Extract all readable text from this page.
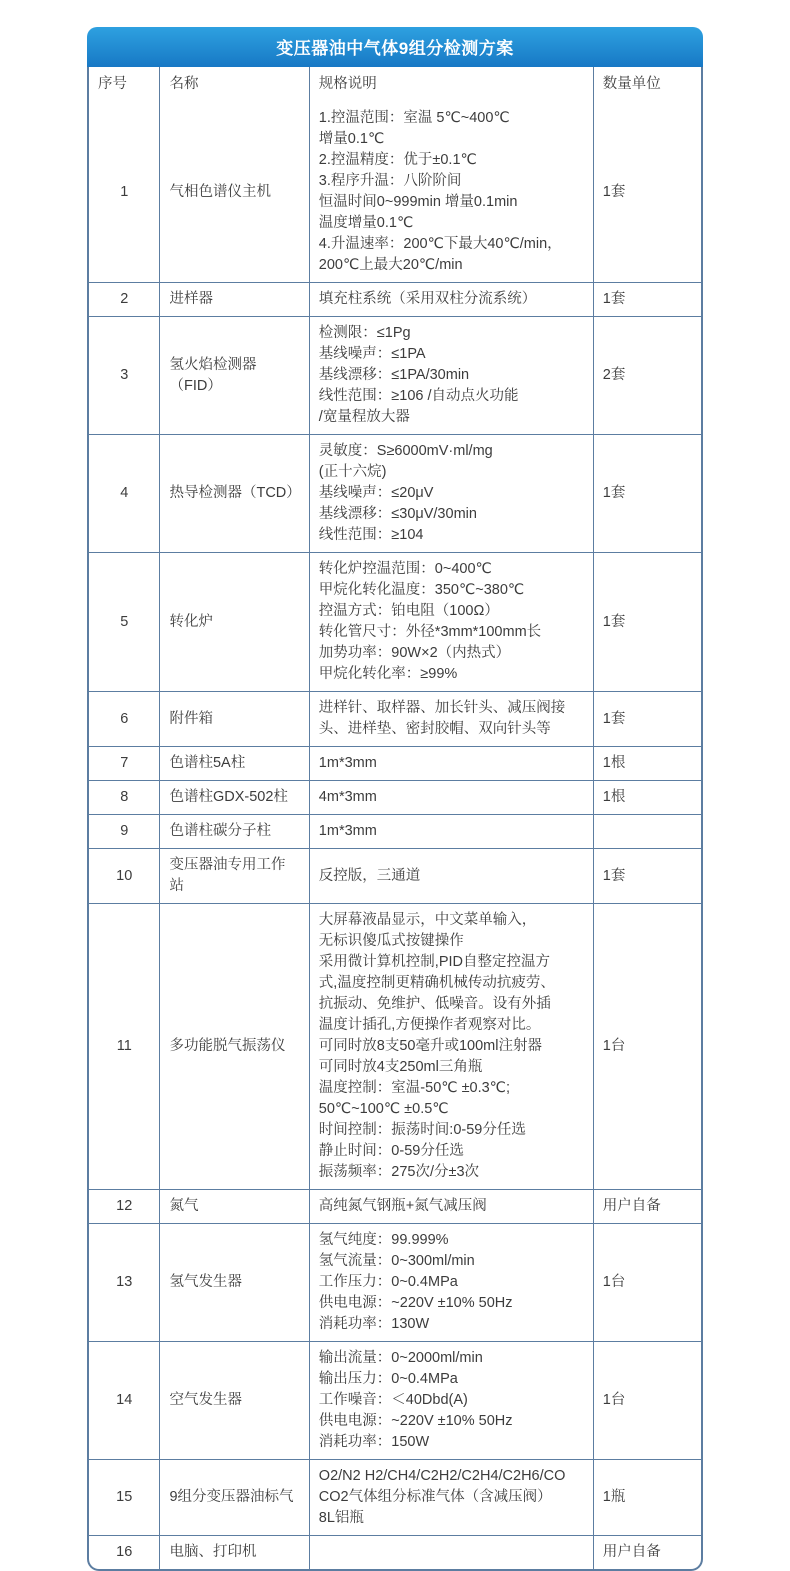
变压器油中气体9组分检测方案
序号	名称	规格说明	数量单位
1	气相色谱仪主机	
1.控温范围：室温 5℃~400℃
增量0.1℃
2.控温精度：优于±0.1℃
3.程序升温：八阶阶间
恒温时间0~999min 增量0.1min
温度增量0.1℃
4.升温速率：200℃下最大40℃/min，
200℃上最大20℃/min
	1套
2	进样器	填充柱系统（采用双柱分流系统）	1套
3	氢火焰检测器（FID）	检测限：≤1Pg
基线噪声：≤1PA
基线漂移：≤1PA/30min
线性范围：≥106 /自动点火功能
/宽量程放大器	2套
4	热导检测器（TCD）	灵敏度：S≥6000mV·ml/mg
(正十六烷)
基线噪声：≤20μV
基线漂移：≤30μV/30min
线性范围：≥104	1套
5	转化炉	
转化炉控温范围：0~400℃
甲烷化转化温度：350℃~380℃
控温方式：铂电阻（100Ω）
转化管尺寸：外径*3mm*100mm长
加势功率：90W×2（内热式）
甲烷化转化率：≥99%
	1套
6	附件箱	进样针、取样器、加长针头、减压阀接头、进样垫、密封胶帽、双向针头等	1套
7	色谱柱5A柱	1m*3mm	1根
8	色谱柱GDX-502柱	4m*3mm	1根
9	色谱柱碳分子柱	1m*3mm	

10	变压器油专用工作站	反控版，三通道	1套
11	多功能脱气振荡仪	
大屏幕液晶显示，中文菜单输入，
无标识傻瓜式按键操作
采用微计算机控制,PID自整定控温方
式,温度控制更精确机械传动抗疲劳、
抗振动、免维护、低噪音。设有外插
温度计插孔,方便操作者观察对比。
可同时放8支50毫升或100ml注射器
可同时放4支250ml三角瓶
温度控制：室温-50℃ ±0.3℃;
50℃~100℃ ±0.5℃
时间控制：振荡时间:0-59分任选
静止时间：0-59分任选
振荡频率：275次/分±3次
	1台
12	氮气	高纯氮气钢瓶+氮气减压阀	用户自备
13	氢气发生器	氢气纯度：99.999%
氢气流量：0~300ml/min
工作压力：0~0.4MPa
供电电源：~220V ±10% 50Hz
消耗功率：130W	1台
14	空气发生器	输出流量：0~2000ml/min
输出压力：0~0.4MPa
工作噪音：＜40Dbd(A)
供电电源：~220V ±10% 50Hz
消耗功率：150W	1台
15	9组分变压器油标气	O2/N2 H2/CH4/C2H2/C2H4/C2H6/CO
CO2气体组分标准气体（含减压阀）
8L铝瓶	1瓶
16	电脑、打印机		用户自备
